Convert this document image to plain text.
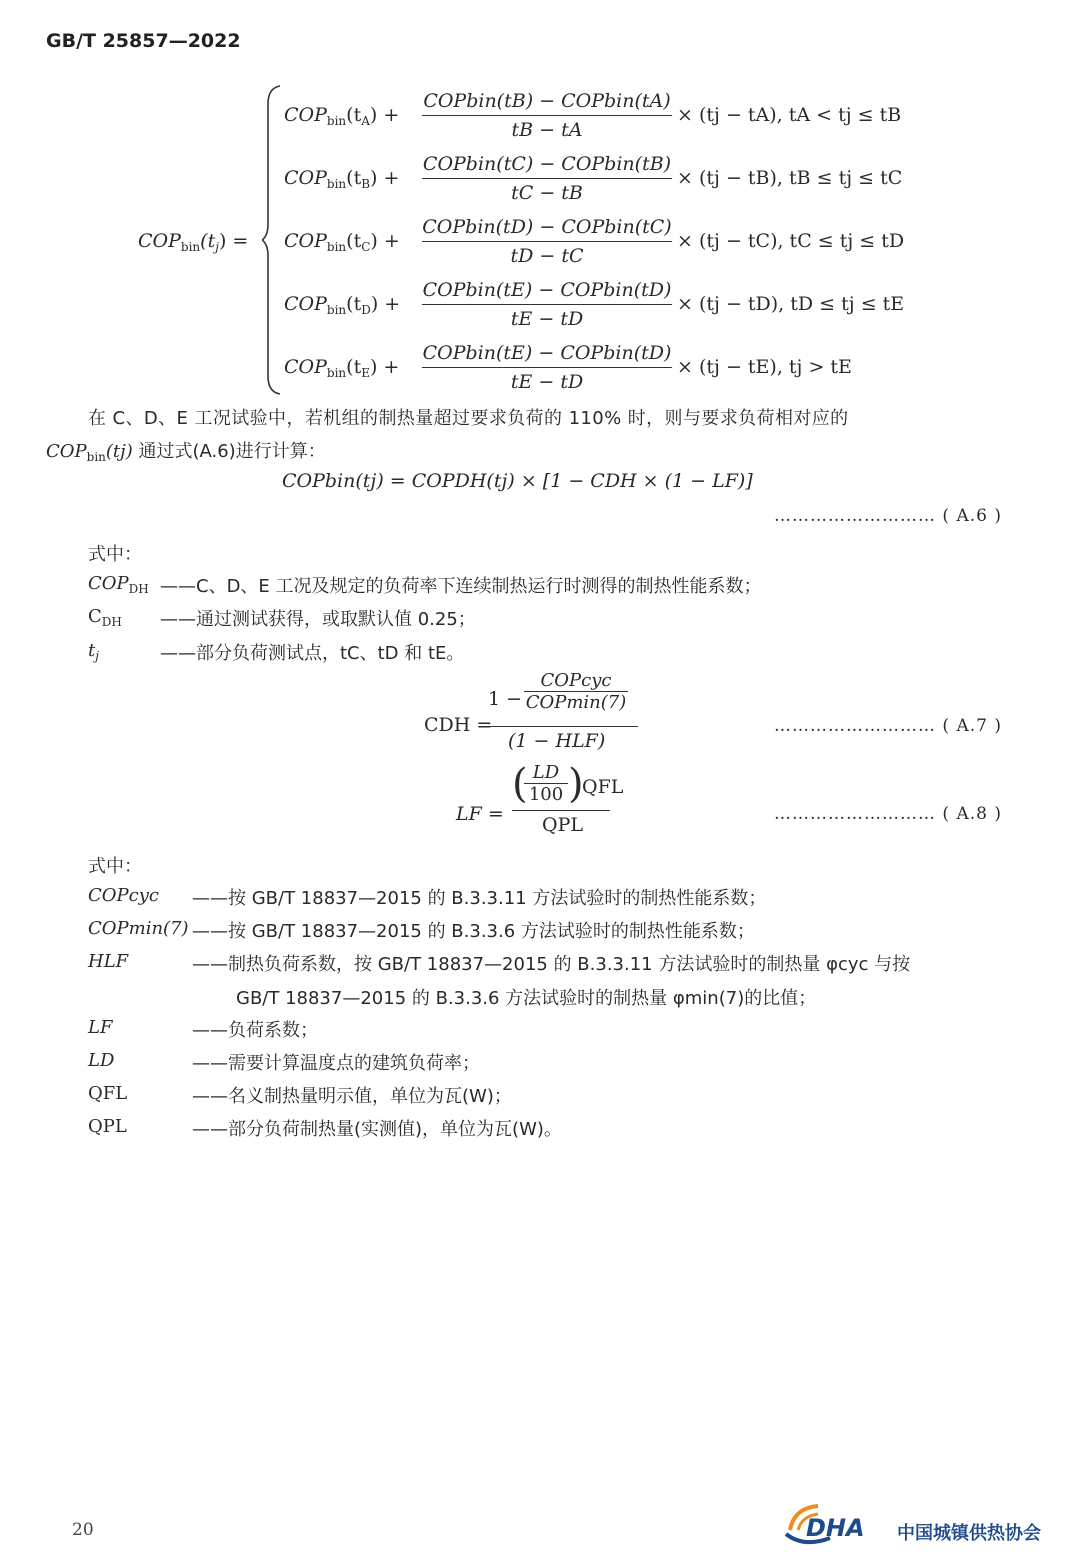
GB/T 25857—2022
$COP_{bin}(t_j)$ =
$COP_{bin}(t_A)$ +
COPbin(tB) − COPbin(tA)
tB − tA
× (tj − tA), tA < tj ≤ tB
$COP_{bin}(t_B)$ +
COPbin(tC) − COPbin(tB)
tC − tB
× (tj − tB), tB ≤ tj ≤ tC
$COP_{bin}(t_C)$ +
COPbin(tD) − COPbin(tC)
tD − tC
× (tj − tC), tC ≤ tj ≤ tD
$COP_{bin}(t_D)$ +
COPbin(tE) − COPbin(tD)
tE − tD
× (tj − tD), tD ≤ tj ≤ tE
$COP_{bin}(t_E)$ +
COPbin(tE) − COPbin(tD)
tE − tD
× (tj − tE), tj > tE
在 C、D、E 工况试验中，若机组的制热量超过要求负荷的 110% 时，则与要求负荷相对应的
$COP_{bin}(tj)$ 通过式(A.6)进行计算：
COPbin(tj) = COPDH(tj) × [1 − CDH × (1 − LF)]
……………………… ( A.6 )
式中：
$COP_{DH}$ ——C、D、E 工况及规定的负荷率下连续制热运行时测得的制热性能系数；
$C_{DH}$ ——通过测试获得，或取默认值 0.25；
$t_j$	——部分负荷测试点，tC、tD 和 tE。
CDH =
1 −
COPcyc
COPmin(7)
(1 − HLF)
……………………… ( A.7 )
LF =
( LD
100 )
QFL
QPL	……………………… ( A.8 )
式中：
COPcyc ——按 GB/T 18837—2015 的 B.3.3.11 方法试验时的制热性能系数；
COPmin(7) ——按 GB/T 18837—2015 的 B.3.3.6 方法试验时的制热性能系数；
HLF	——制热负荷系数，按 GB/T 18837—2015 的 B.3.3.11 方法试验时的制热量 φcyc 与按
GB/T 18837—2015 的 B.3.3.6 方法试验时的制热量 φmin(7)的比值；
LF	——负荷系数；
LD	——需要计算温度点的建筑负荷率；
QFL	——名义制热量明示值，单位为瓦(W)；
QPL	——部分负荷制热量(实测值)，单位为瓦(W)。
20	DHA 中国城镇供热协会
